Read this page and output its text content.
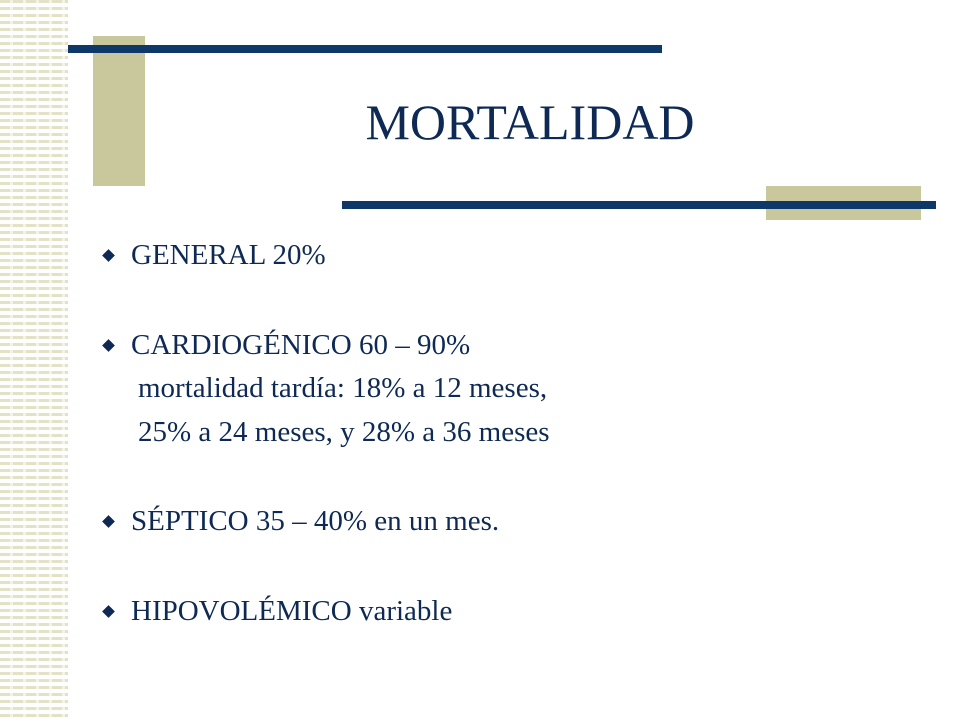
MORTALIDAD
GENERAL 20%
CARDIOGÉNICO 60 – 90%
mortalidad tardía: 18% a 12 meses,
25% a 24 meses, y 28% a 36 meses
SÉPTICO 35 – 40% en un mes.
HIPOVOLÉMICO variable
